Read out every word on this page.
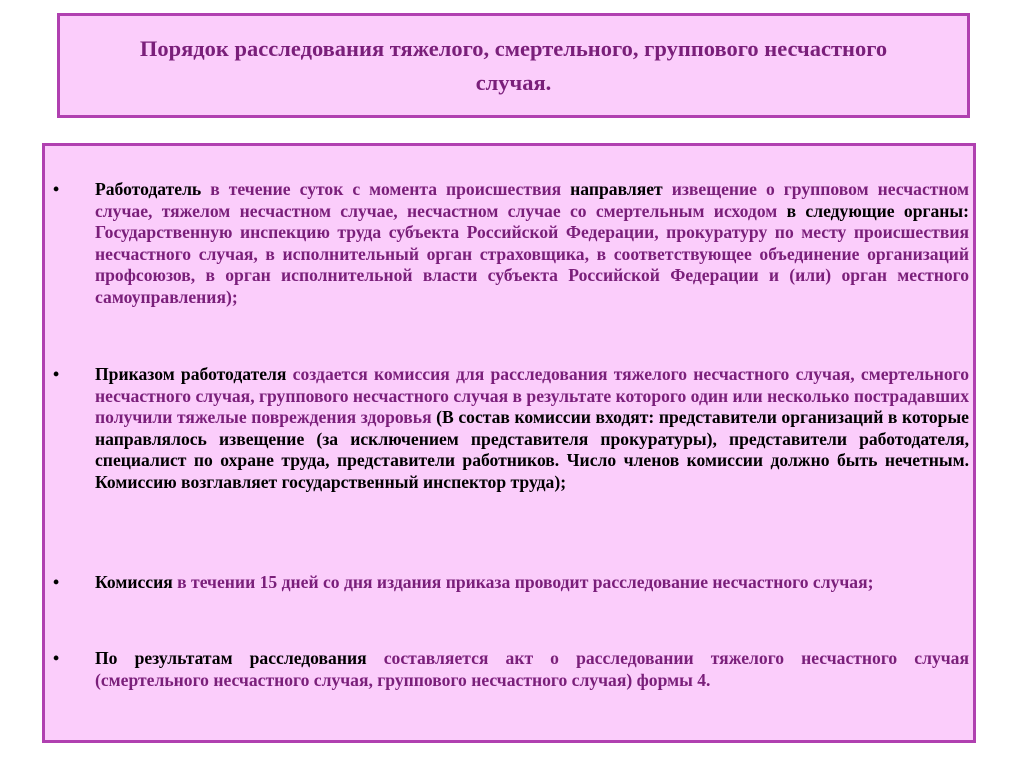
Порядок расследования тяжелого, смертельного, группового несчастного случая.
• Работодатель в течение суток с момента происшествия направляет извещение о групповом несчастном случае, тяжелом несчастном случае, несчастном случае со смертельным исходом в следующие органы: Государственную инспекцию труда субъекта Российской Федерации, прокуратуру по месту происшествия несчастного случая, в исполнительный орган страховщика, в соответствующее объединение организаций профсоюзов, в орган исполнительной власти субъекта Российской Федерации и (или) орган местного самоуправления);

• Приказом работодателя создается комиссия для расследования тяжелого несчастного случая, смертельного несчастного случая, группового несчастного случая в результате которого один или несколько пострадавших получили тяжелые повреждения здоровья (В состав комиссии входят: представители организаций в которые направлялось извещение (за исключением представителя прокуратуры), представители работодателя, специалист по охране труда, представители работников. Число членов комиссии должно быть нечетным. Комиссию возглавляет государственный инспектор труда);

• Комиссия в течении 15 дней со дня издания приказа проводит расследование несчастного случая;

• По результатам расследования составляется акт о расследовании тяжелого несчастного случая (смертельного несчастного случая, группового несчастного случая) формы 4.
